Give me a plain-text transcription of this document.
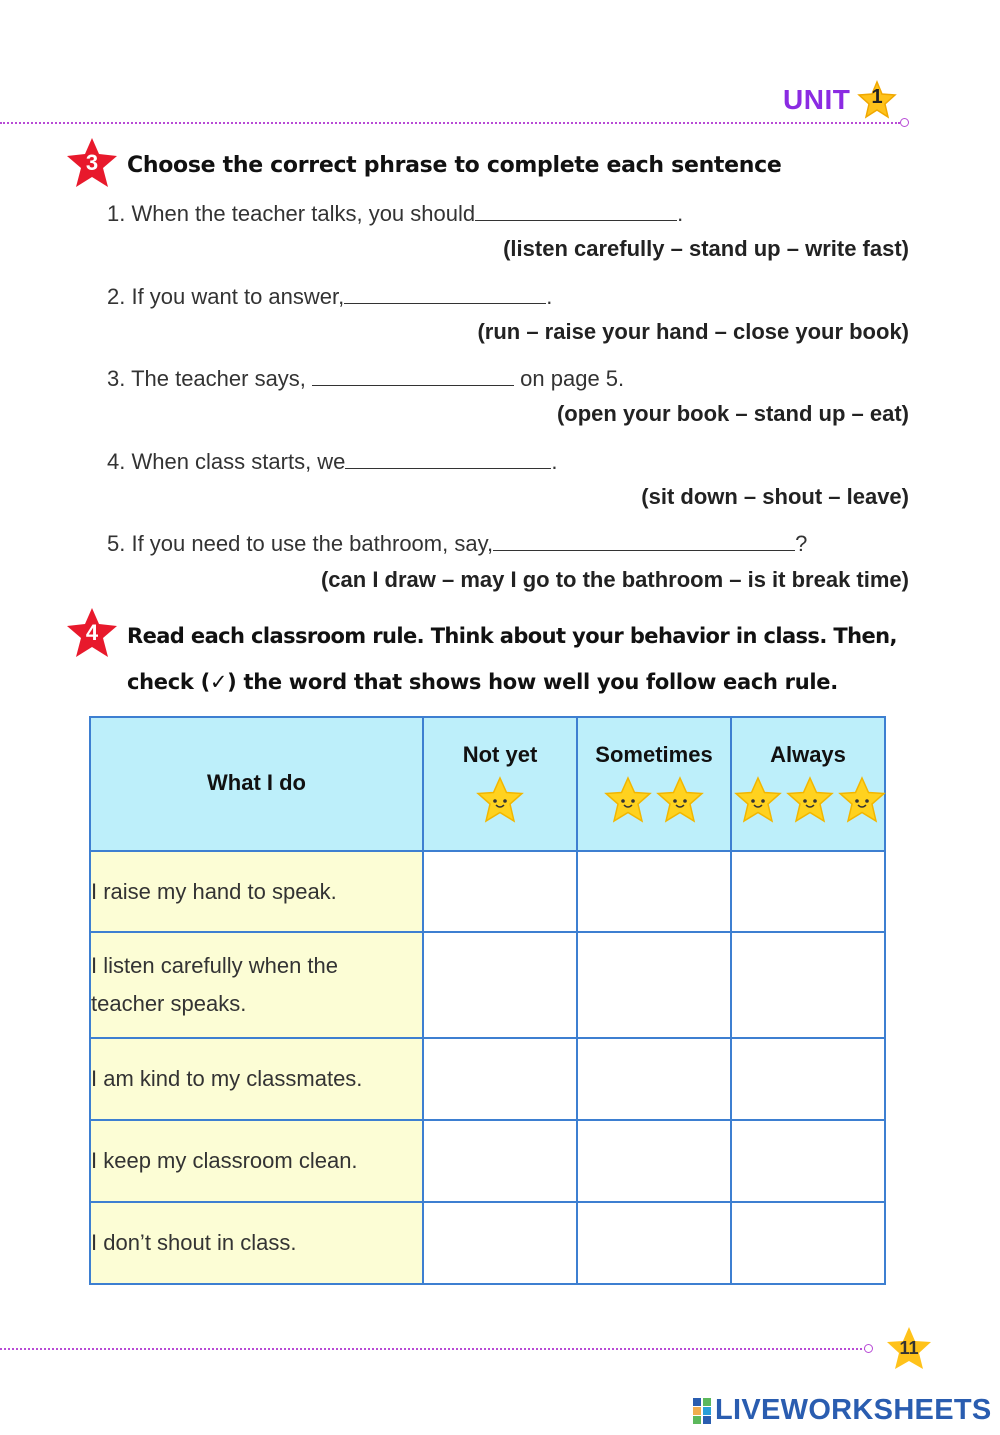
UNIT	1
3	Choose the correct phrase to complete each sentence
1. When the teacher talks, you should	.
(listen carefully – stand up – write fast)
2. If you want to answer,	.
(run – raise your hand – close your book)
3. The teacher says,	on page 5.
(open your book – stand up – eat)
4. When class starts, we	.
(sit down – shout – leave)
5. If you need to use the bathroom, say,	?
(can I draw – may I go to the bathroom – is it break time)
4	Read each classroom rule. Think about your behavior in class. Then,
check (✓) the word that shows how well you follow each rule.
What I do	Not yet	Sometimes	Always

I raise my hand to speak.			
I listen carefully when the teacher speaks.			
I am kind to my classmates.			
I keep my classroom clean.			
I don’t shout in class.			
11
LIVEWORKSHEETS
